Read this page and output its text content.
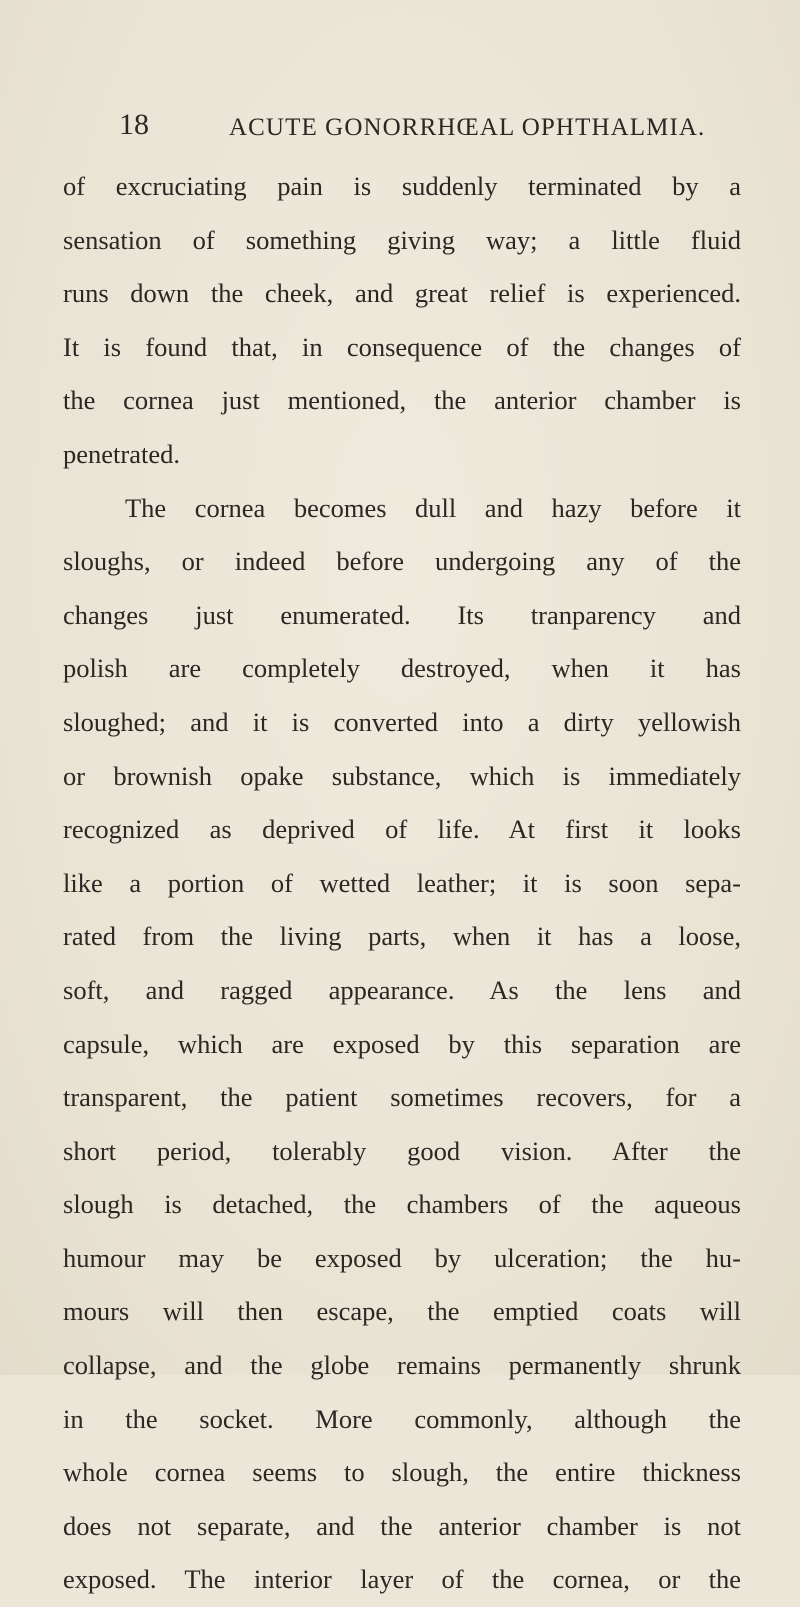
18	ACUTE GONORRHŒAL OPHTHALMIA.
of excruciating pain is suddenly terminated by a
sensation of something giving way; a little fluid
runs down the cheek, and great relief is experienced.
It is found that, in consequence of the changes of
the cornea just mentioned, the anterior chamber is
penetrated.
The cornea becomes dull and hazy before it
sloughs, or indeed before undergoing any of the
changes just enumerated. Its tranparency and
polish are completely destroyed, when it has
sloughed; and it is converted into a dirty yellowish
or brownish opake substance, which is immediately
recognized as deprived of life. At first it looks
like a portion of wetted leather; it is soon sepa-
rated from the living parts, when it has a loose,
soft, and ragged appearance. As the lens and
capsule, which are exposed by this separation are
transparent, the patient sometimes recovers, for a
short period, tolerably good vision. After the
slough is detached, the chambers of the aqueous
humour may be exposed by ulceration; the hu-
mours will then escape, the emptied coats will
collapse, and the globe remains permanently shrunk
in the socket. More commonly, although the
whole cornea seems to slough, the entire thickness
does not separate, and the anterior chamber is not
exposed. The interior layer of the cornea, or the
